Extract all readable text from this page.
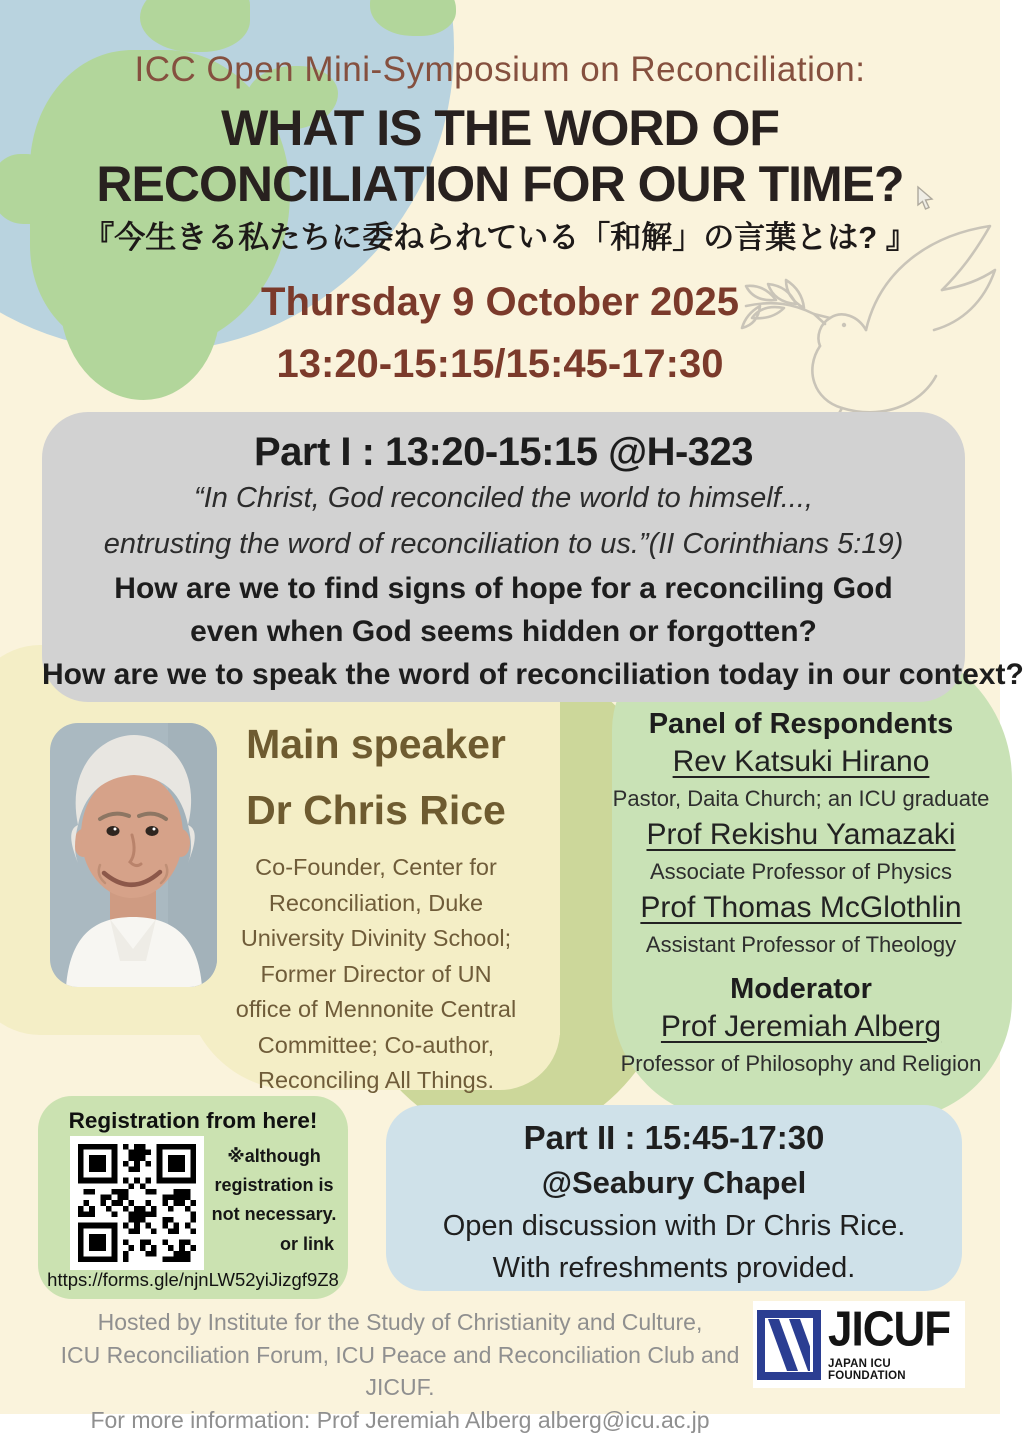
ICC Open Mini-Symposium on Reconciliation:
WHAT IS THE WORD OF
RECONCILIATION FOR OUR TIME?
『今生きる私たちに委ねられている「和解」の言葉とは? 』
Thursday 9 October 2025
13:20-15:15/15:45-17:30
Part I : 13:20-15:15 @H-323
“In Christ, God reconciled the world to himself...,
entrusting the word of reconciliation to us.”(II Corinthians 5:19)
How are we to find signs of hope for a reconciling God
even when God seems hidden or forgotten?
How are we to speak the word of reconciliation today in our context?
Main speaker
Dr Chris Rice
Co-Founder, Center for
Reconciliation, Duke
University Divinity School;
Former Director of UN
office of Mennonite Central
Committee; Co-author,
Reconciling All Things.
Panel of Respondents
Rev Katsuki Hirano
Pastor, Daita Church; an ICU graduate
Prof Rekishu Yamazaki
Associate Professor of Physics
Prof Thomas McGlothlin
Assistant Professor of Theology
Moderator
Prof Jeremiah Alberg
Professor of Philosophy and Religion
Registration from here!
※although
registration is
not necessary.
or link
https://forms.gle/njnLW52yiJizgf9Z8
Part II : 15:45-17:30
@Seabury Chapel
Open discussion with Dr Chris Rice.
With refreshments provided.
Hosted by Institute for the Study of Christianity and Culture,
ICU Reconciliation Forum, ICU Peace and Reconciliation Club and JICUF.
For more information: Prof Jeremiah Alberg alberg@icu.ac.jp
JICUF
JAPAN ICU FOUNDATION
